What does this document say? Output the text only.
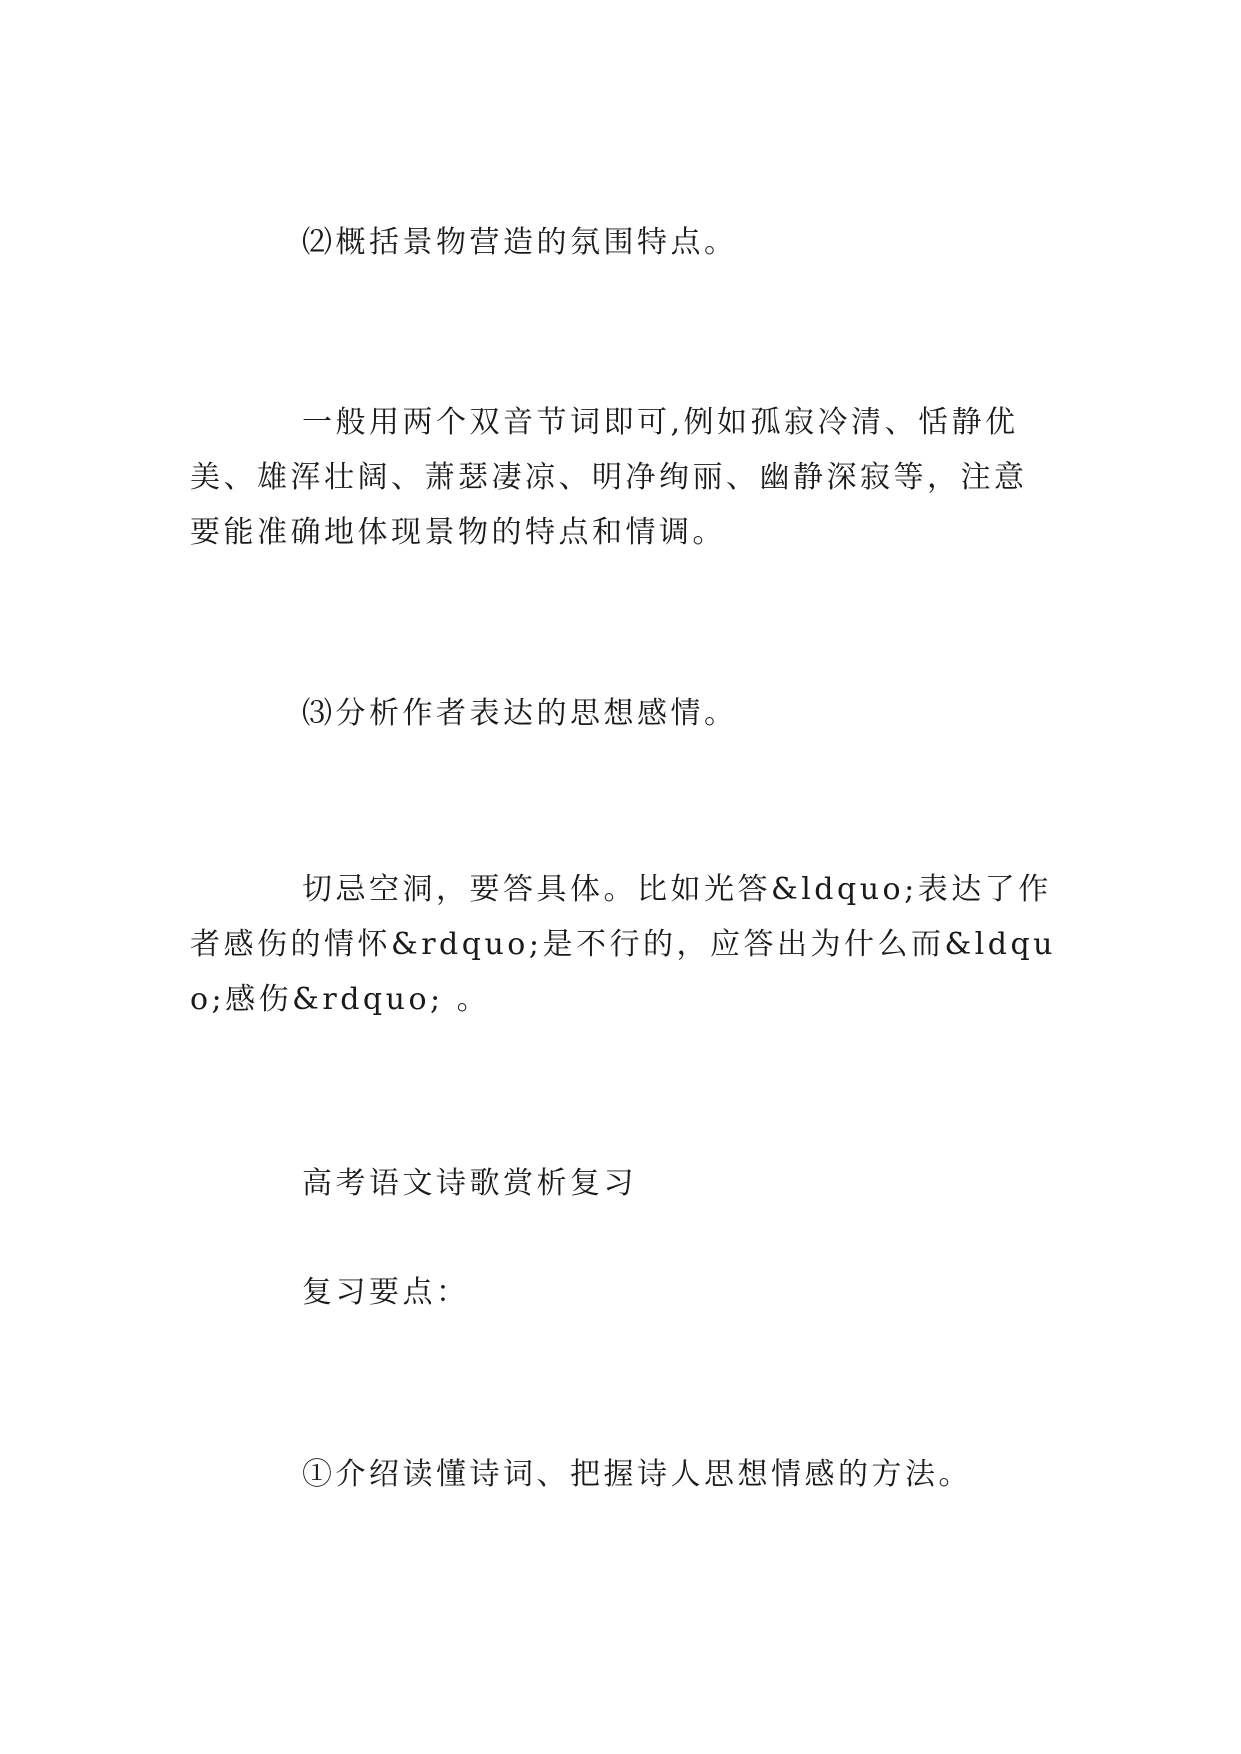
⑵概括景物营造的氛围特点。
一般用两个双音节词即可,例如孤寂冷清、恬静优美、雄浑壮阔、萧瑟凄凉、明净绚丽、幽静深寂等，注意要能准确地体现景物的特点和情调。
⑶分析作者表达的思想感情。
切忌空洞，要答具体。比如光答&ldquo;表达了作者感伤的情怀&rdquo;是不行的，应答出为什么而&ldquo;感伤&rdquo; 。
高考语文诗歌赏析复习
复习要点：
①介绍读懂诗词、把握诗人思想情感的方法。
